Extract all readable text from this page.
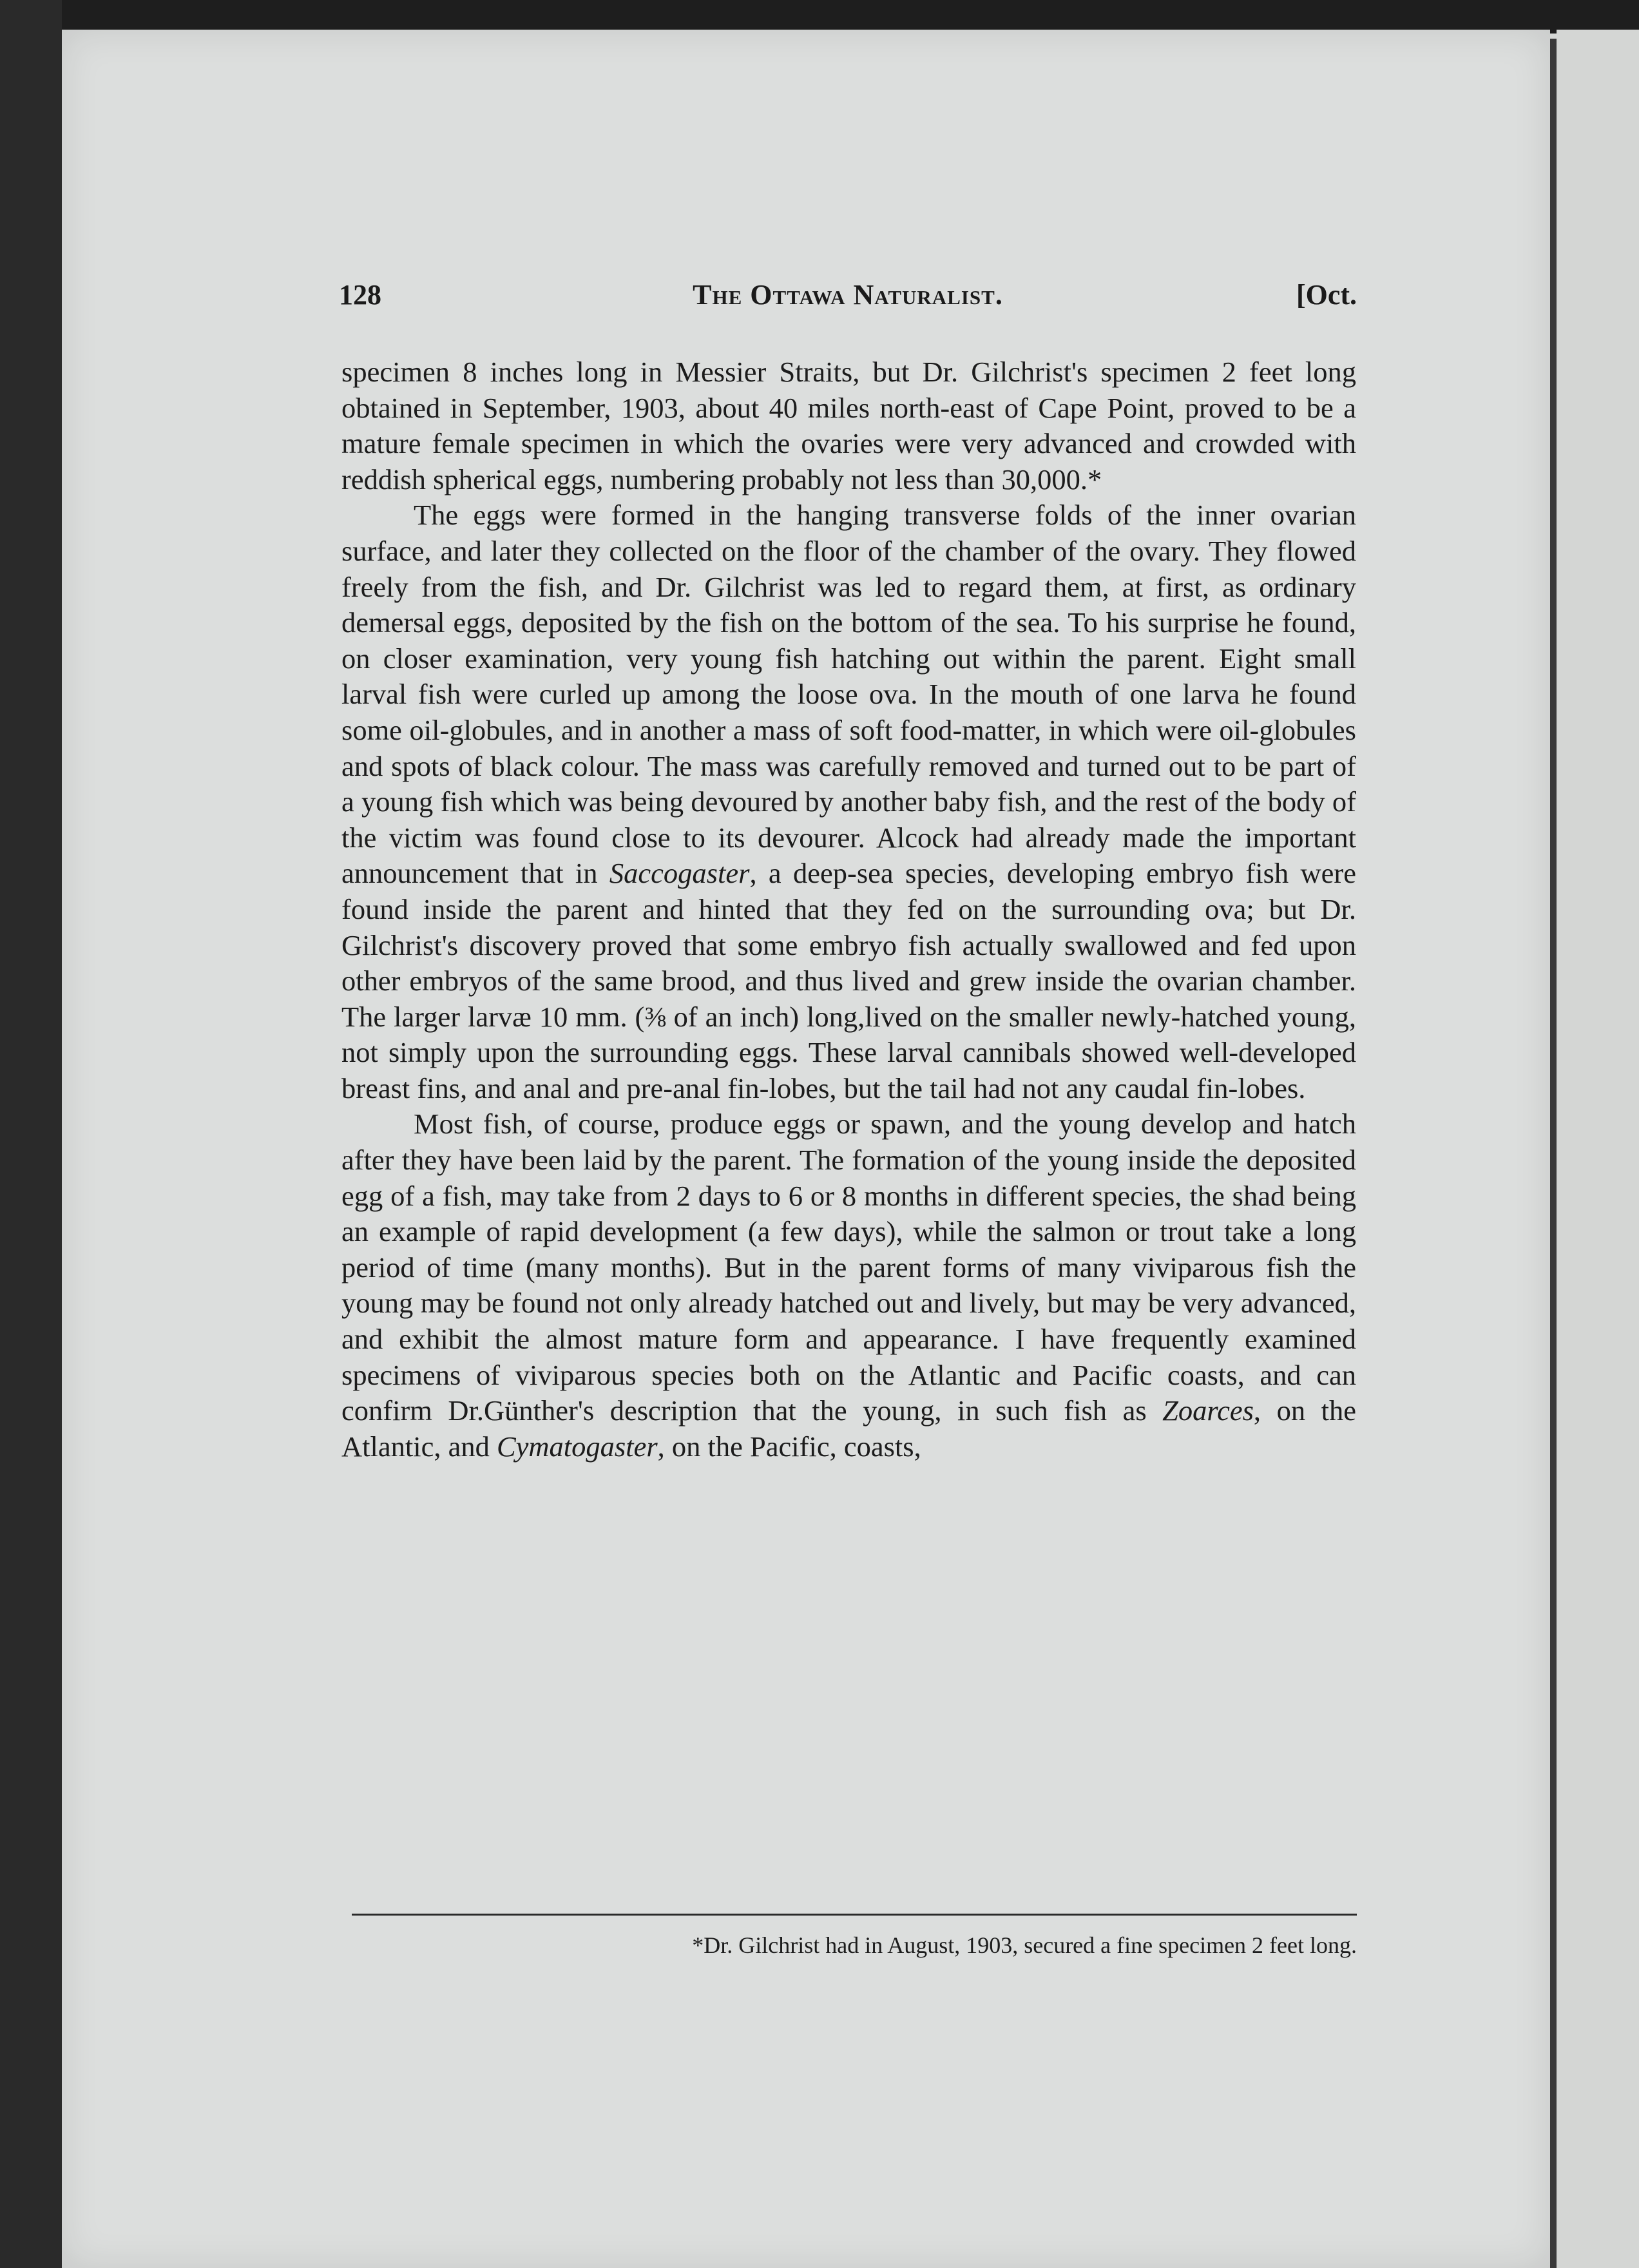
128	The Ottawa Naturalist.	[Oct.

specimen 8 inches long in Messier Straits, but Dr. Gilchrist's specimen 2 feet long obtained in September, 1903, about 40 miles north-east of Cape Point, proved to be a mature female specimen in which the ovaries were very advanced and crowded with reddish spherical eggs, numbering probably not less than 30,000.*

The eggs were formed in the hanging transverse folds of the inner ovarian surface, and later they collected on the floor of the chamber of the ovary. They flowed freely from the fish, and Dr. Gilchrist was led to regard them, at first, as ordinary demersal eggs, deposited by the fish on the bottom of the sea. To his surprise he found, on closer examination, very young fish hatching out within the parent. Eight small larval fish were curled up among the loose ova. In the mouth of one larva he found some oil-globules, and in another a mass of soft food-matter, in which were oil-globules and spots of black colour. The mass was carefully removed and turned out to be part of a young fish which was being devoured by another baby fish, and the rest of the body of the victim was found close to its devourer. Alcock had already made the important announcement that in Saccogaster, a deep-sea species, developing embryo fish were found inside the parent and hinted that they fed on the surrounding ova; but Dr. Gilchrist's discovery proved that some embryo fish actually swallowed and fed upon other embryos of the same brood, and thus lived and grew inside the ovarian chamber. The larger larvæ 10 mm. (⅜ of an inch) long,lived on the smaller newly-hatched young, not simply upon the surrounding eggs. These larval cannibals showed well-developed breast fins, and anal and pre-anal fin-lobes, but the tail had not any caudal fin-lobes.

Most fish, of course, produce eggs or spawn, and the young develop and hatch after they have been laid by the parent. The formation of the young inside the deposited egg of a fish, may take from 2 days to 6 or 8 months in different species, the shad being an example of rapid development (a few days), while the salmon or trout take a long period of time (many months). But in the parent forms of many viviparous fish the young may be found not only already hatched out and lively, but may be very advanced, and exhibit the almost mature form and appearance. I have frequently examined specimens of viviparous species both on the Atlantic and Pacific coasts, and can confirm Dr.Günther's description that the young, in such fish as Zoarces, on the Atlantic, and Cymatogaster, on the Pacific, coasts,

*Dr. Gilchrist had in August, 1903, secured a fine specimen 2 feet long.
